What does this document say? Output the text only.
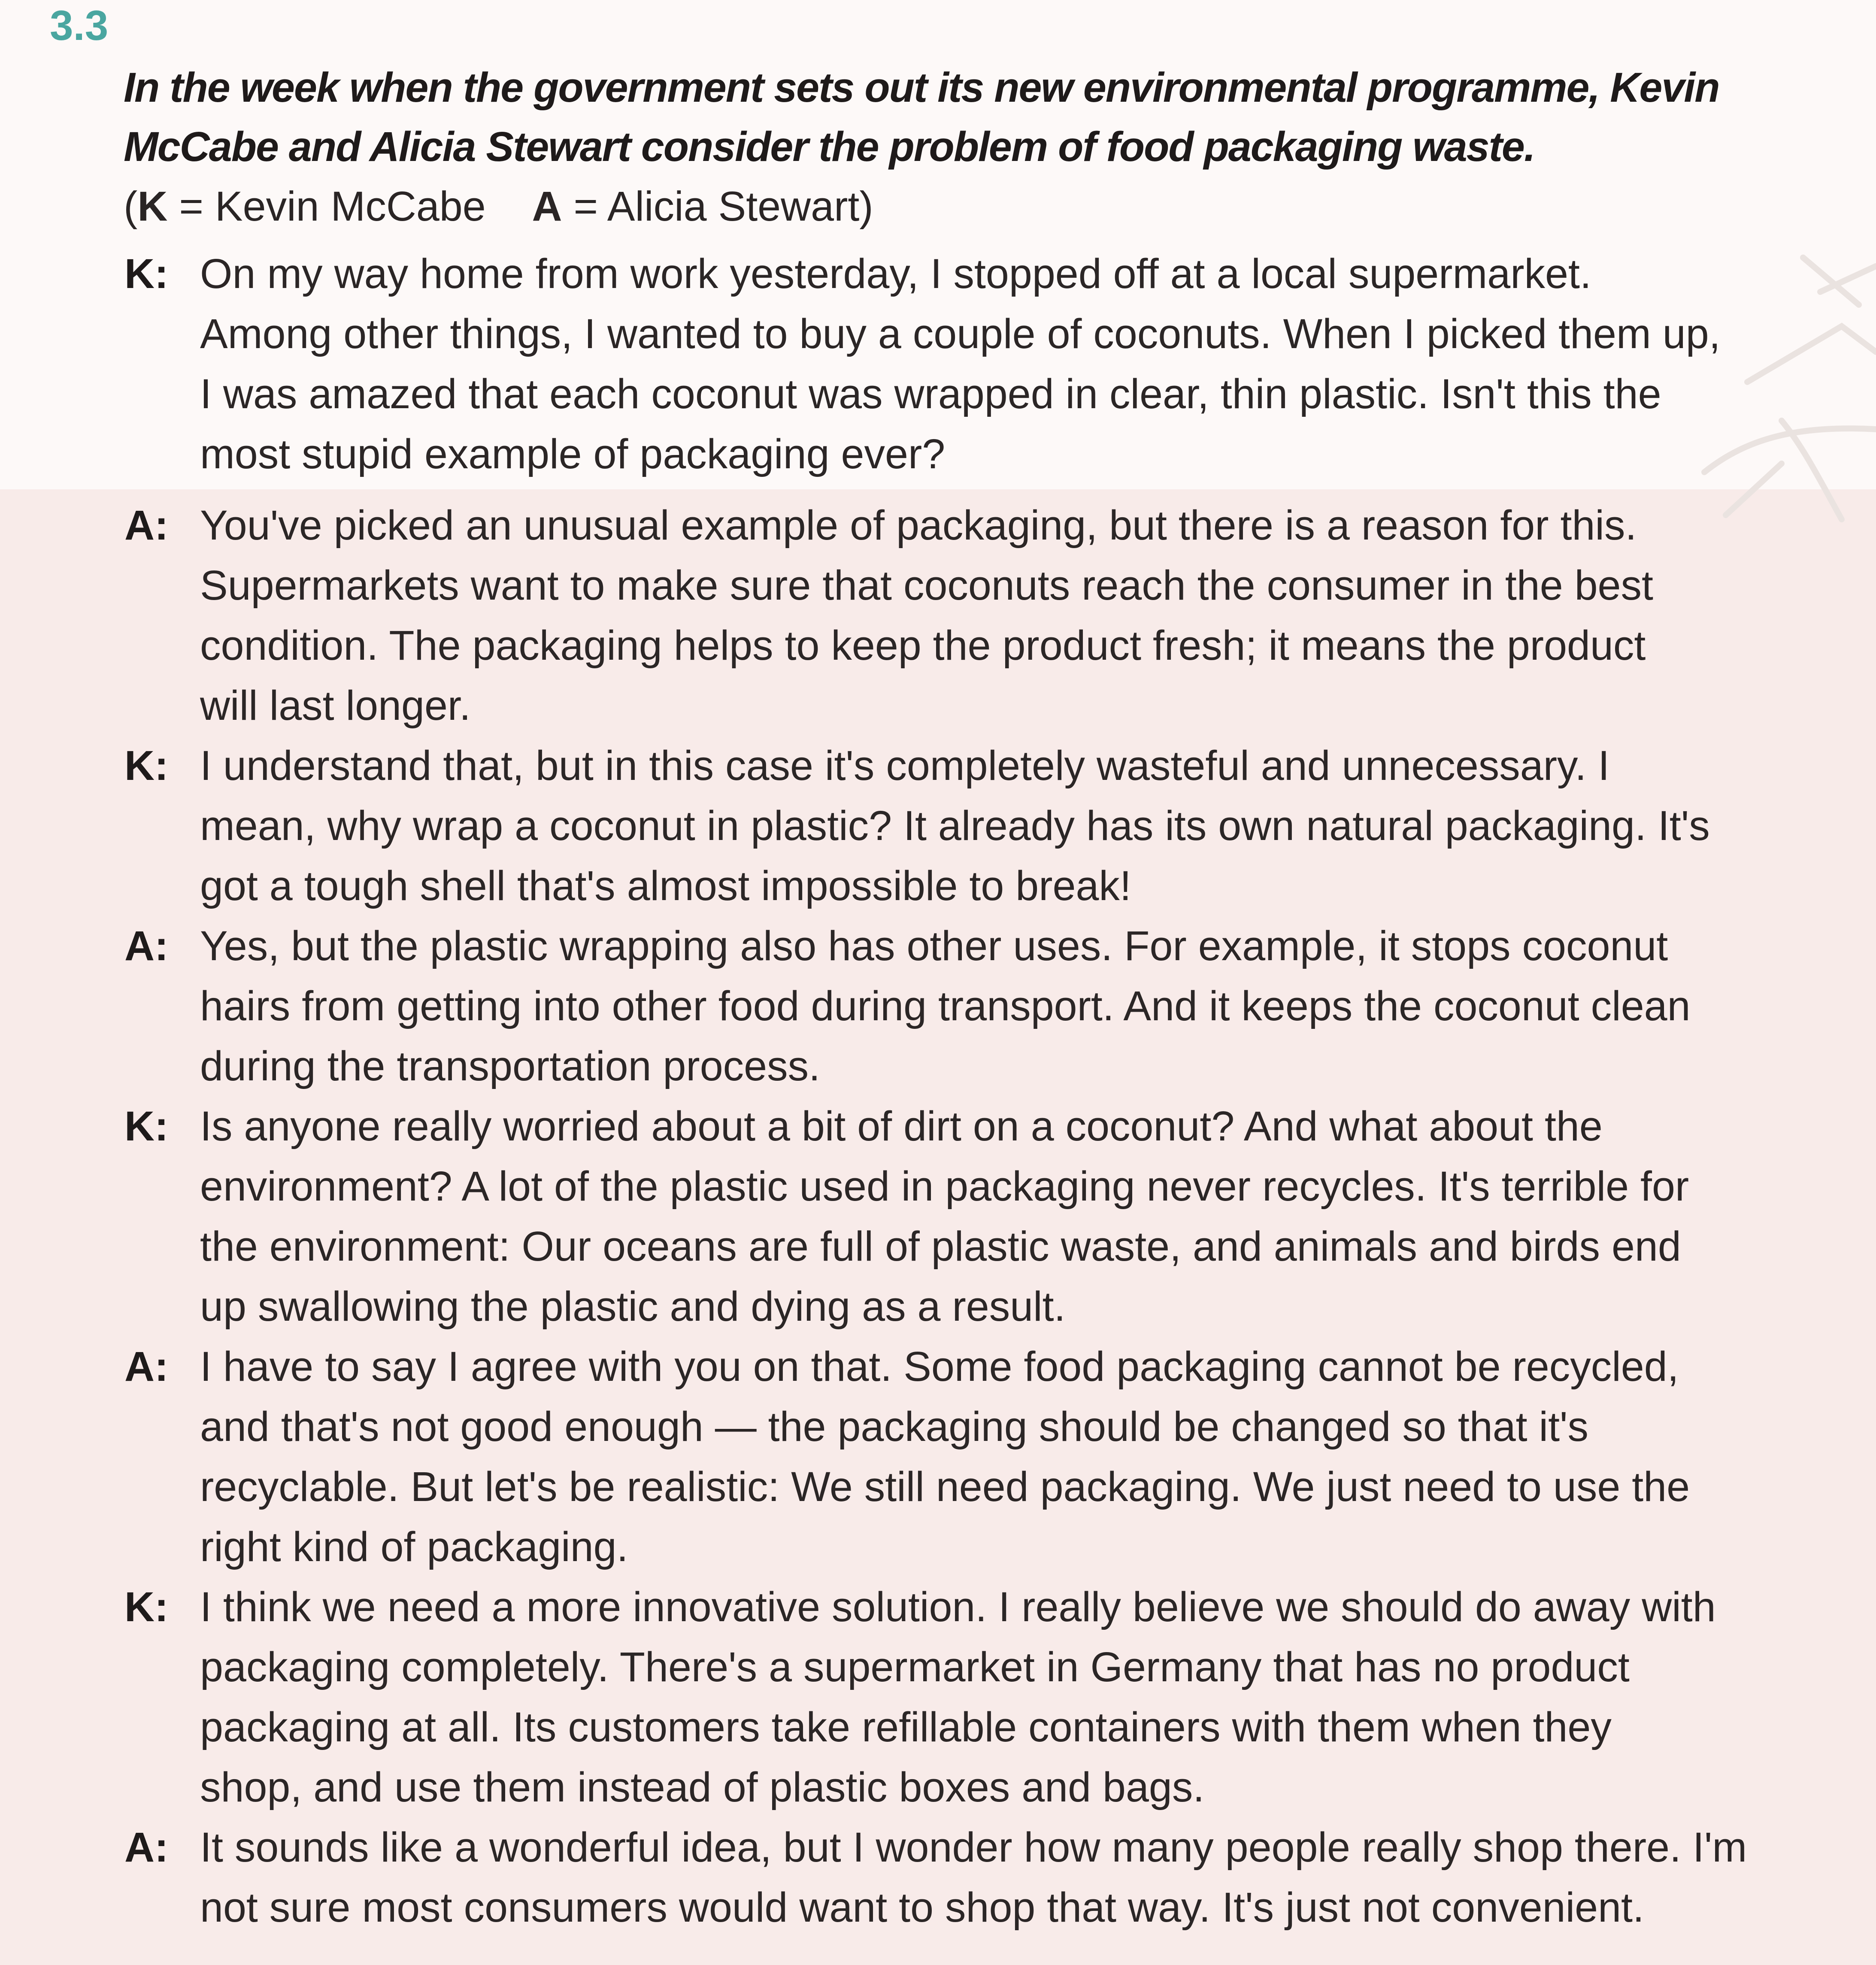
3.3
In the week when the government sets out its new environmental programme, Kevin McCabe and Alicia Stewart consider the problem of food packaging waste.
(K = Kevin McCabe A = Alicia Stewart)
K: On my way home from work yesterday, I stopped off at a local supermarket.
Among other things, I wanted to buy a couple of coconuts. When I picked them up,
I was amazed that each coconut was wrapped in clear, thin plastic. Isn't this the
most stupid example of packaging ever?
A: You've picked an unusual example of packaging, but there is a reason for this.
Supermarkets want to make sure that coconuts reach the consumer in the best
condition. The packaging helps to keep the product fresh; it means the product
will last longer.
K: I understand that, but in this case it's completely wasteful and unnecessary. I
mean, why wrap a coconut in plastic? It already has its own natural packaging. It's
got a tough shell that's almost impossible to break!
A: Yes, but the plastic wrapping also has other uses. For example, it stops coconut
hairs from getting into other food during transport. And it keeps the coconut clean
during the transportation process.
K: Is anyone really worried about a bit of dirt on a coconut? And what about the
environment? A lot of the plastic used in packaging never recycles. It's terrible for
the environment: Our oceans are full of plastic waste, and animals and birds end
up swallowing the plastic and dying as a result.
A: I have to say I agree with you on that. Some food packaging cannot be recycled,
and that's not good enough — the packaging should be changed so that it's
recyclable. But let's be realistic: We still need packaging. We just need to use the
right kind of packaging.
K: I think we need a more innovative solution. I really believe we should do away with
packaging completely. There's a supermarket in Germany that has no product
packaging at all. Its customers take refillable containers with them when they
shop, and use them instead of plastic boxes and bags.
A: It sounds like a wonderful idea, but I wonder how many people really shop there. I'm
not sure most consumers would want to shop that way. It's just not convenient.
